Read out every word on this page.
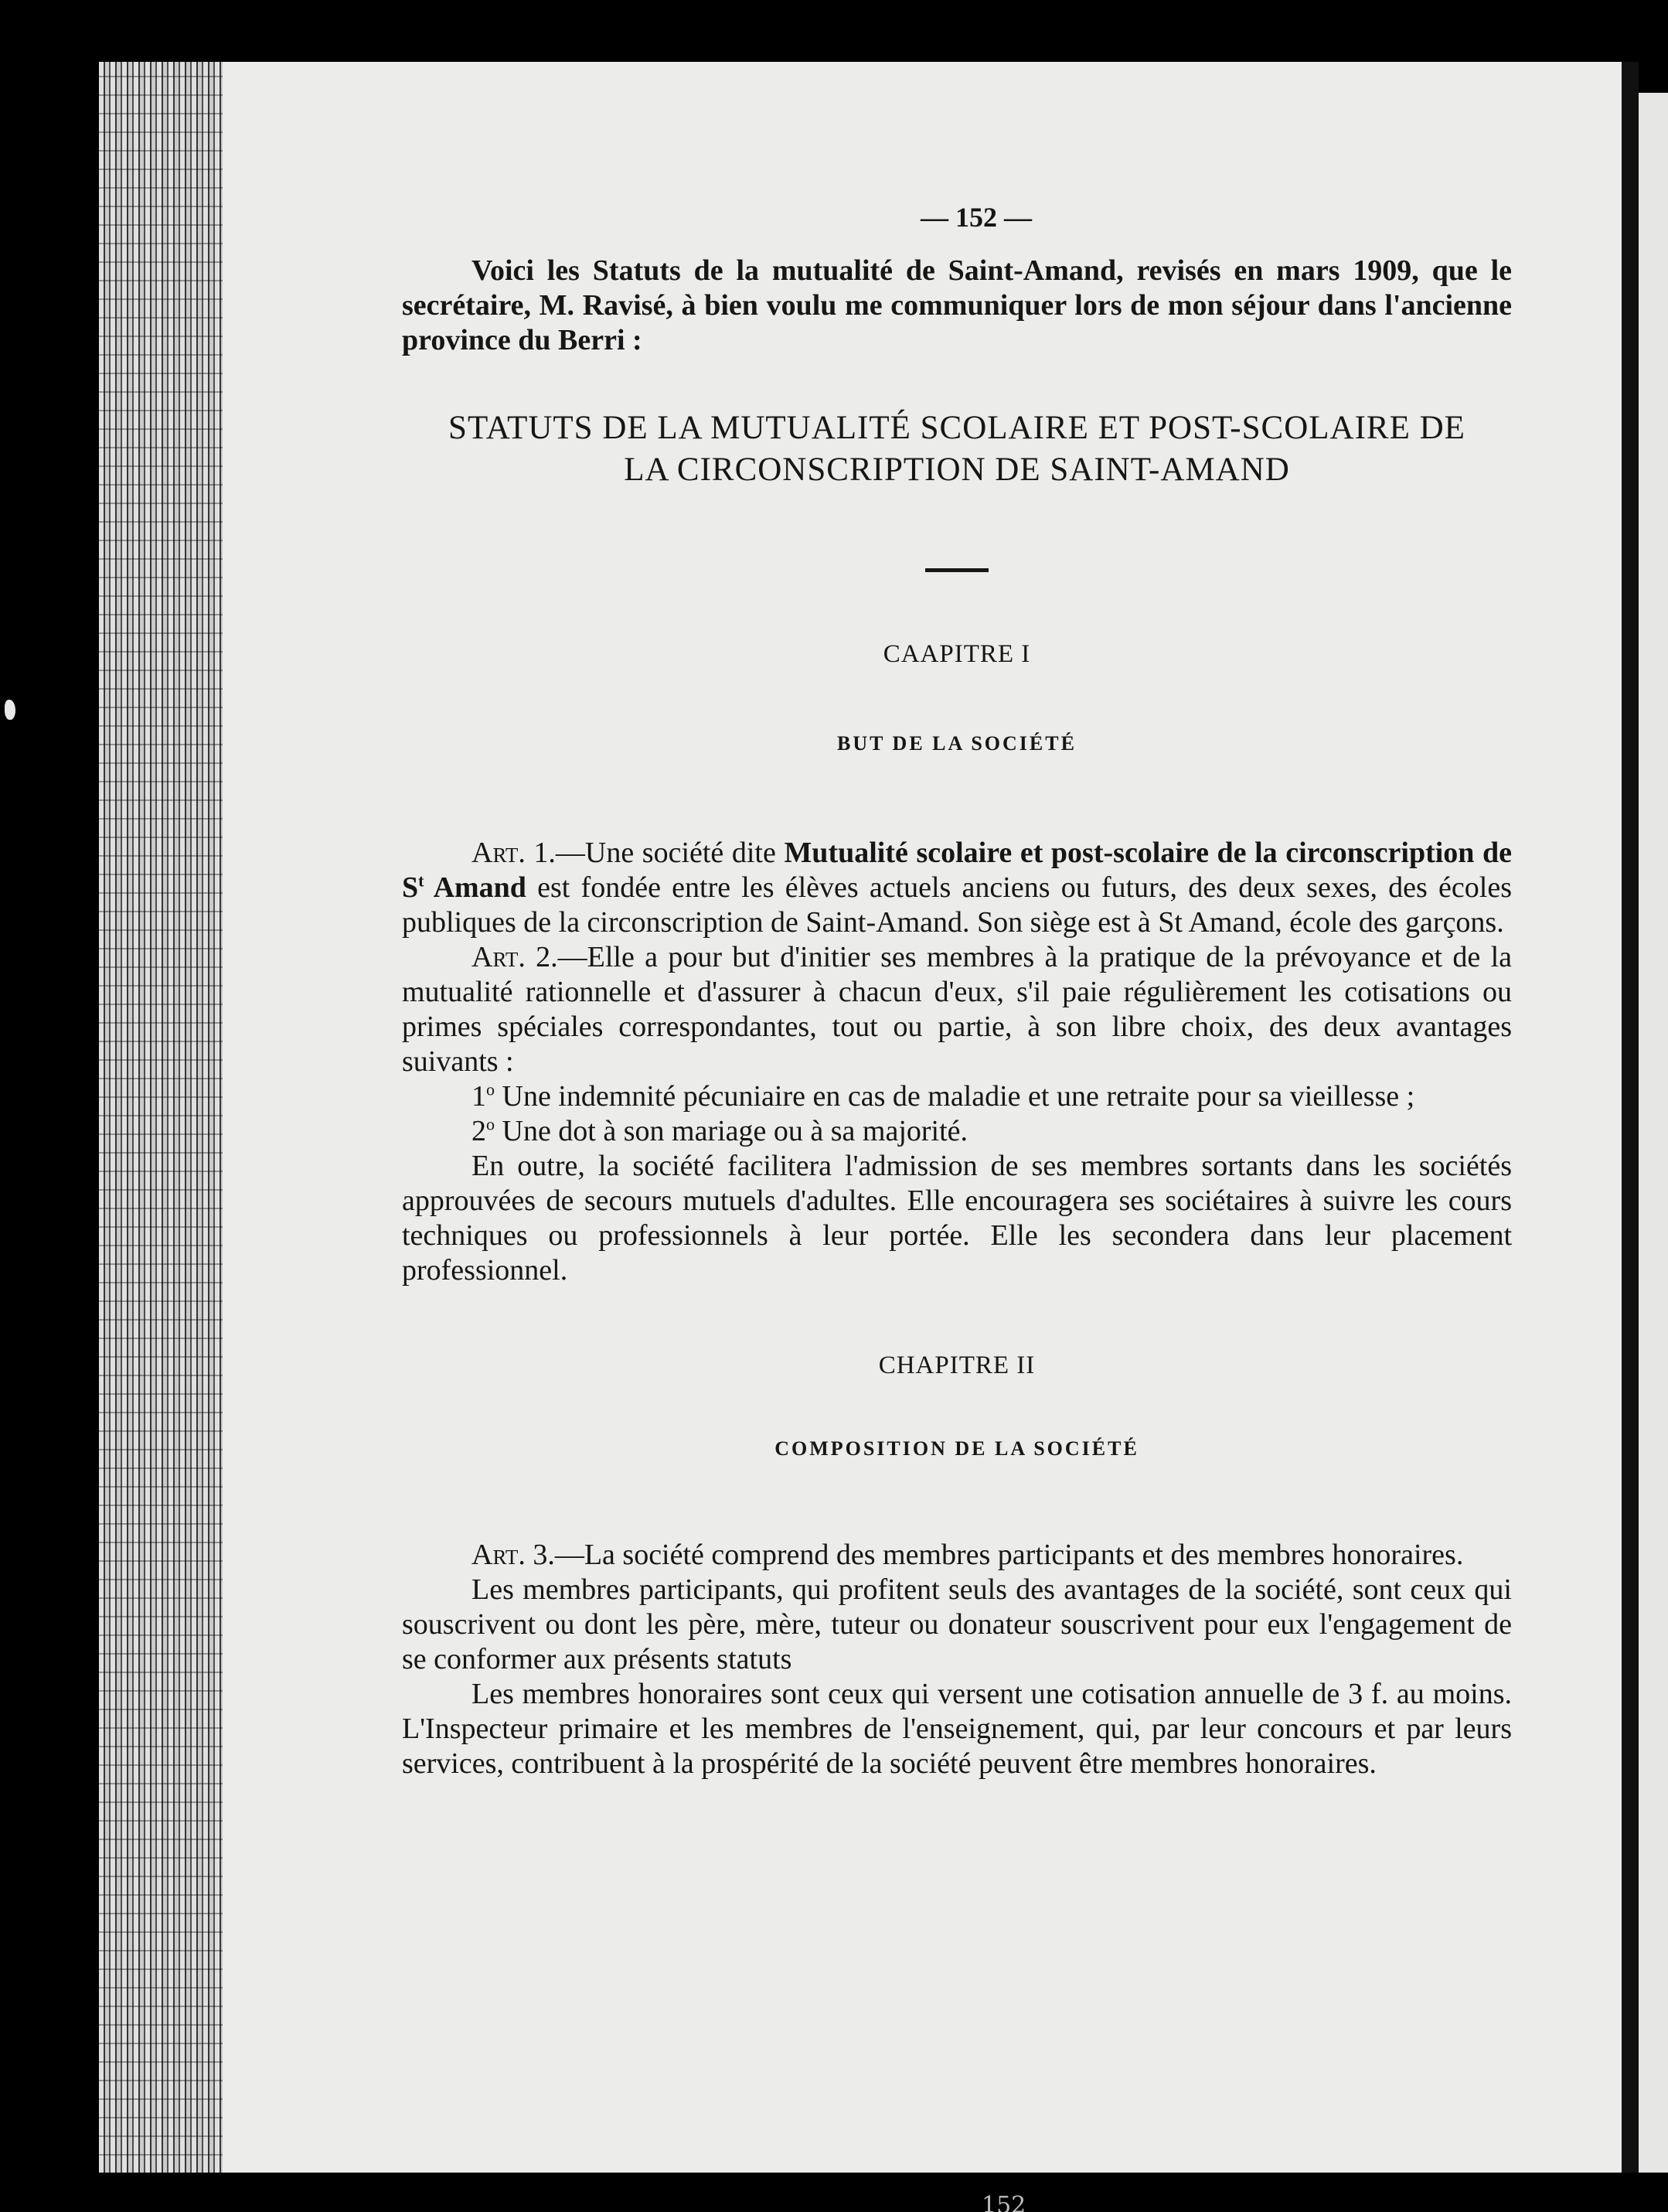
152
— 152 —

Voici les Statuts de la mutualité de Saint-Amand, revisés en mars 1909, que le secrétaire, M. Ravisé, à bien voulu me communiquer lors de mon séjour dans l'ancienne province du Berri :

STATUTS DE LA MUTUALITÉ SCOLAIRE ET POST-SCOLAIRE DE
LA CIRCONSCRIPTION DE SAINT-AMAND
CAAPITRE I
BUT DE LA SOCIÉTÉ

Art. 1.—Une société dite Mutualité scolaire et post-scolaire de la circonscription de $S^t$ Amand est fondée entre les élèves actuels anciens ou futurs, des deux sexes, des écoles publiques de la circonscription de Saint-Amand. Son siège est à St Amand, école des garçons.

Art. 2.—Elle a pour but d'initier ses membres à la pratique de la prévoyance et de la mutualité rationnelle et d'assurer à chacun d'eux, s'il paie régulièrement les cotisations ou primes spéciales correspondantes, tout ou partie, à son libre choix, des deux avantages suivants :

1$^o$ Une indemnité pécuniaire en cas de maladie et une retraite pour sa vieillesse ;

2$^o$ Une dot à son mariage ou à sa majorité.

En outre, la société facilitera l'admission de ses membres sortants dans les sociétés approuvées de secours mutuels d'adultes. Elle encouragera ses sociétaires à suivre les cours techniques ou professionnels à leur portée. Elle les secondera dans leur placement professionnel.

CHAPITRE II
COMPOSITION DE LA SOCIÉTÉ

Art. 3.—La société comprend des membres participants et des membres honoraires.

Les membres participants, qui profitent seuls des avantages de la société, sont ceux qui souscrivent ou dont les père, mère, tuteur ou donateur souscrivent pour eux l'engagement de se conformer aux présents statuts

Les membres honoraires sont ceux qui versent une cotisation annuelle de 3 f. au moins. L'Inspecteur primaire et les membres de l'enseignement, qui, par leur concours et par leurs services, contribuent à la prospérité de la société peuvent être membres honoraires.
